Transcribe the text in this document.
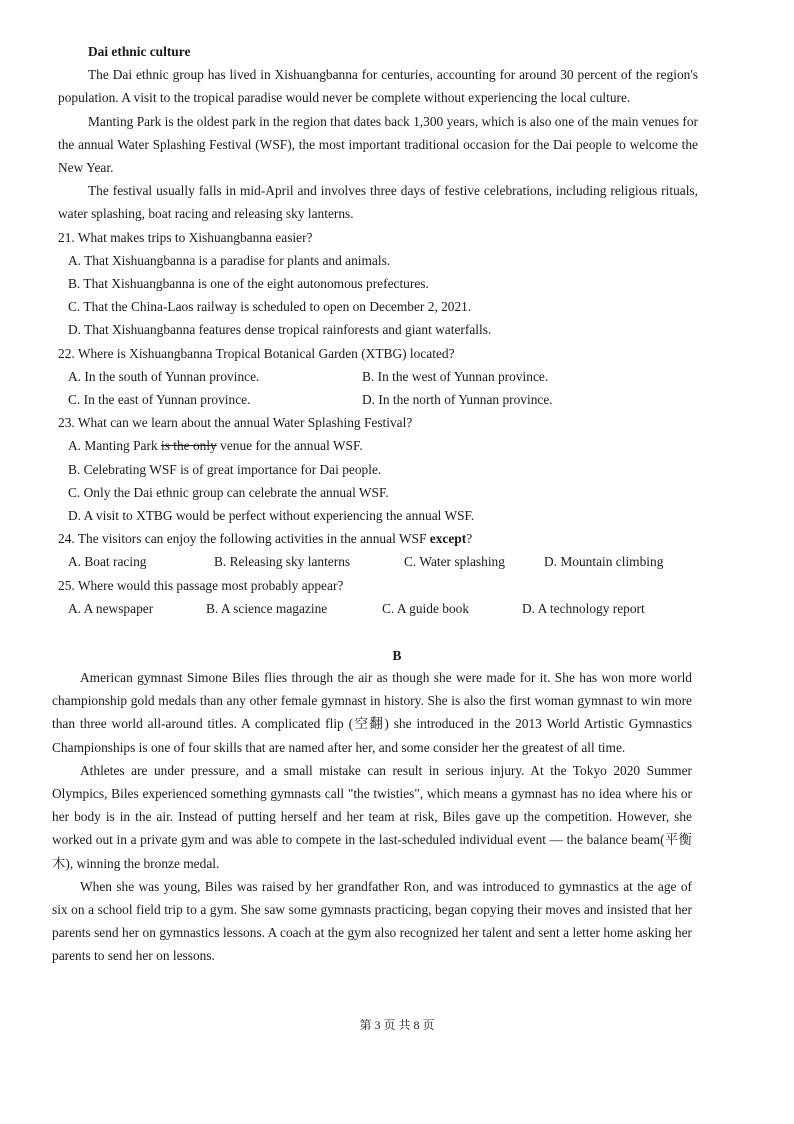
Dai ethnic culture

The Dai ethnic group has lived in Xishuangbanna for centuries, accounting for around 30 percent of the region's population. A visit to the tropical paradise would never be complete without experiencing the local culture.

Manting Park is the oldest park in the region that dates back 1,300 years, which is also one of the main venues for the annual Water Splashing Festival (WSF), the most important traditional occasion for the Dai people to welcome the New Year.

The festival usually falls in mid-April and involves three days of festive celebrations, including religious rituals, water splashing, boat racing and releasing sky lanterns.

21. What makes trips to Xishuangbanna easier?

A. That Xishuangbanna is a paradise for plants and animals.

B. That Xishuangbanna is one of the eight autonomous prefectures.

C. That the China-Laos railway is scheduled to open on December 2, 2021.

D. That Xishuangbanna features dense tropical rainforests and giant waterfalls.

22. Where is Xishuangbanna Tropical Botanical Garden (XTBG) located?

A. In the south of Yunnan province.	B. In the west of Yunnan province.
C. In the east of Yunnan province.	D. In the north of Yunnan province.

23. What can we learn about the annual Water Splashing Festival?

A. Manting Park is the only venue for the annual WSF.

B. Celebrating WSF is of great importance for Dai people.

C. Only the Dai ethnic group can celebrate the annual WSF.

D. A visit to XTBG would be perfect without experiencing the annual WSF.

24. The visitors can enjoy the following activities in the annual WSF except?

A. Boat racing	B. Releasing sky lanterns	C. Water splashing	D. Mountain climbing

25. Where would this passage most probably appear?

A. A newspaper	B. A science magazine	C. A guide book	D. A technology report
B

American gymnast Simone Biles flies through the air as though she were made for it. She has won more world championship gold medals than any other female gymnast in history. She is also the first woman gymnast to win more than three world all-around titles. A complicated flip (空翻) she introduced in the 2013 World Artistic Gymnastics Championships is one of four skills that are named after her, and some consider her the greatest of all time.

Athletes are under pressure, and a small mistake can result in serious injury. At the Tokyo 2020 Summer Olympics, Biles experienced something gymnasts call "the twisties", which means a gymnast has no idea where his or her body is in the air. Instead of putting herself and her team at risk, Biles gave up the competition. However, she worked out in a private gym and was able to compete in the last-scheduled individual event — the balance beam(平衡木), winning the bronze medal.

When she was young, Biles was raised by her grandfather Ron, and was introduced to gymnastics at the age of six on a school field trip to a gym. She saw some gymnasts practicing, began copying their moves and insisted that her parents send her on gymnastics lessons. A coach at the gym also recognized her talent and sent a letter home asking her parents to send her on lessons.

第 3 页 共 8 页
